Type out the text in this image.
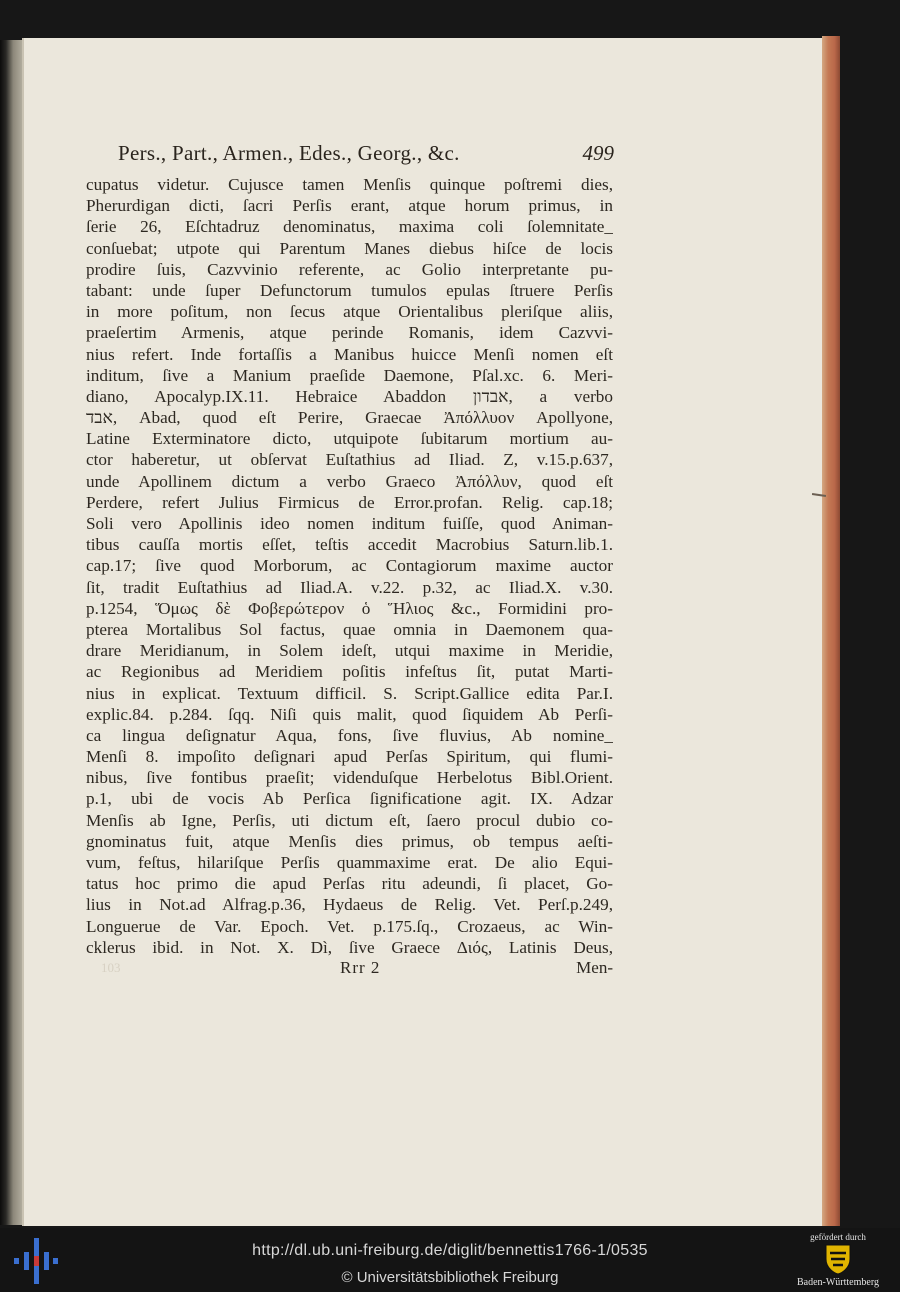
Pers., Part., Armen., Edes., Georg., &c.	499
cupatus videtur. Cujusce tamen Menſis quinque poſtremi dies,
Pherurdigan dicti, ſacri Perſis erant, atque horum primus, in
ſerie 26, Eſchtadruz denominatus, maxima coli ſolemnitate_
conſuebat; utpote qui Parentum Manes diebus hiſce de locis
prodire ſuis, Cazvvinio referente, ac Golio interpretante pu-
tabant: unde ſuper Defunctorum tumulos epulas ſtruere Perſis
in more poſitum, non ſecus atque Orientalibus pleriſque aliis,
praeſertim Armenis, atque perinde Romanis, idem Cazvvi-
nius refert. Inde fortaſſis a Manibus huicce Menſi nomen eſt
inditum, ſive a Manium praeſide Daemone, Pſal.xc. 6. Meri-
diano, Apocalyp.IX.11. Hebraice Abaddon אבדון, a verbo
אבד, Abad, quod eſt Perire, Graecae Ἀπόλλυον Apollyone,
Latine Exterminatore dicto, utquipote ſubitarum mortium au-
ctor haberetur, ut obſervat Euſtathius ad Iliad. Z, v.15.p.637,
unde Apollinem dictum a verbo Graeco Ἀπόλλυν, quod eſt
Perdere, refert Julius Firmicus de Error.profan. Relig. cap.18;
Soli vero Apollinis ideo nomen inditum fuiſſe, quod Animan-
tibus cauſſa mortis eſſet, teſtis accedit Macrobius Saturn.lib.1.
cap.17; ſive quod Morborum, ac Contagiorum maxime auctor
ſit, tradit Euſtathius ad Iliad.A. v.22. p.32, ac Iliad.X. v.30.
p.1254, Ὅμως δὲ Φοβερώτερον ὁ Ἥλιος &c., Formidini pro-
pterea Mortalibus Sol factus, quae omnia in Daemonem qua-
drare Meridianum, in Solem ideſt, utqui maxime in Meridie,
ac Regionibus ad Meridiem poſitis infeſtus ſit, putat Marti-
nius in explicat. Textuum difficil. S. Script.Gallice edita Par.I.
explic.84. p.284. ſqq. Niſi quis malit, quod ſiquidem Ab Perſi-
ca lingua deſignatur Aqua, fons, ſive fluvius, Ab nomine_
Menſi 8. impoſito deſignari apud Perſas Spiritum, qui flumi-
nibus, ſive fontibus praeſit; videnduſque Herbelotus Bibl.Orient.
p.1, ubi de vocis Ab Perſica ſignificatione agit. IX. Adzar
Menſis ab Igne, Perſis, uti dictum eſt, ſaero procul dubio co-
gnominatus fuit, atque Menſis dies primus, ob tempus aeſti-
vum, feſtus, hilariſque Perſis quammaxime erat. De alio Equi-
tatus hoc primo die apud Perſas ritu adeundi, ſi placet, Go-
lius in Not.ad Alfrag.p.36, Hydaeus de Relig. Vet. Perſ.p.249,
Longuerue de Var. Epoch. Vet. p.175.ſq., Crozaeus, ac Win-
cklerus ibid. in Not. X. Dì, ſive Graece Διός, Latinis Deus,
Rrr 2	Men-
103
http://dl.ub.uni-freiburg.de/diglit/bennettis1766-1/0535
© Universitätsbibliothek Freiburg
gefördert durch
Baden-Württemberg
